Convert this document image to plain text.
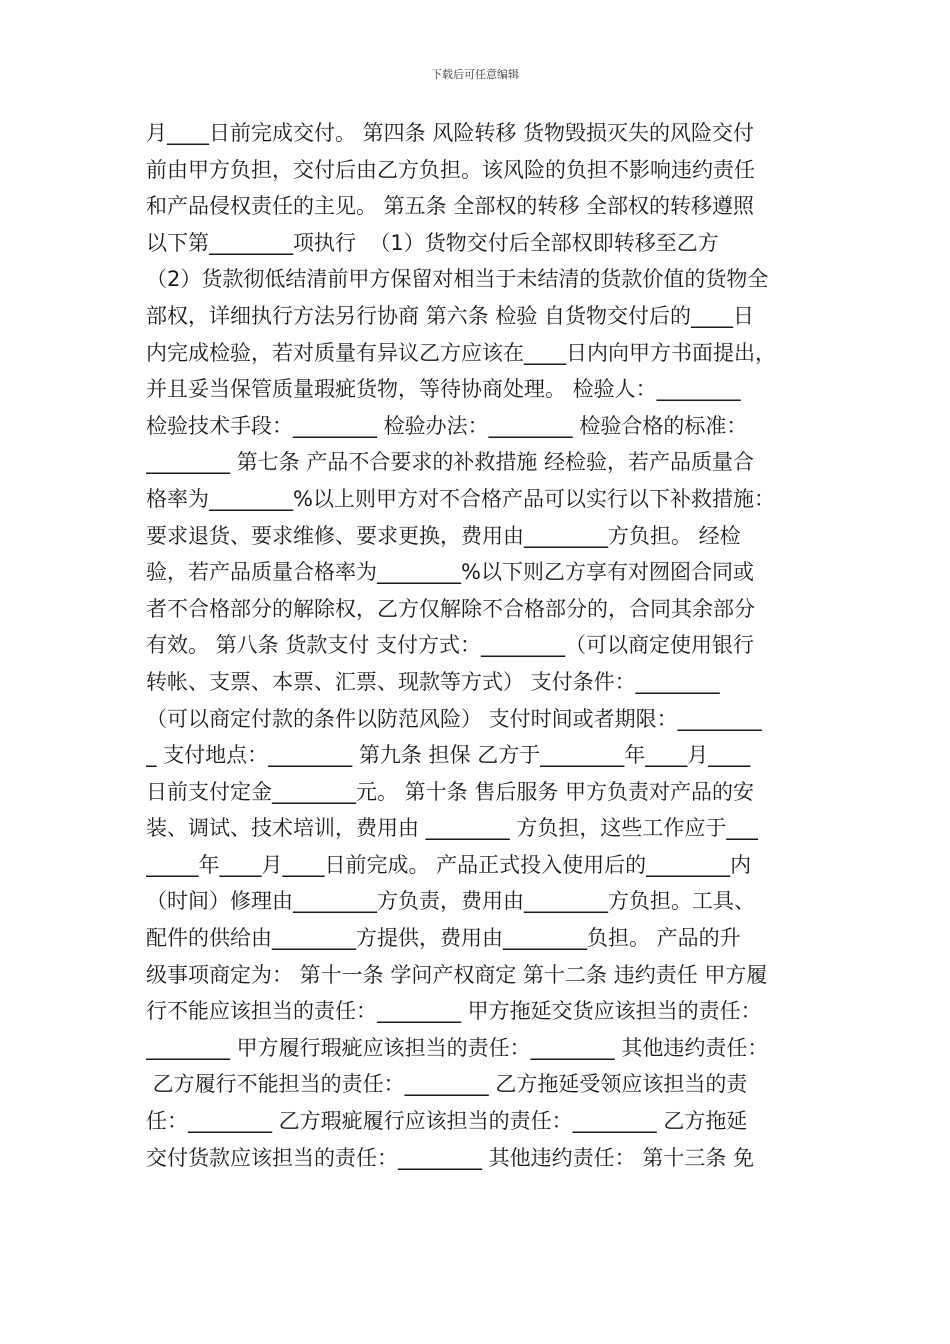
下载后可任意编辑
月____日前完成交付。 第四条 风险转移 货物毁损灭失的风险交付
前由甲方负担，交付后由乙方负担。该风险的负担不影响违约责任
和产品侵权责任的主见。 第五条 全部权的转移 全部权的转移遵照
以下第________项执行  （1）货物交付后全部权即转移至乙方
（2）货款彻低结清前甲方保留对相当于未结清的货款价值的货物全
部权，详细执行方法另行协商 第六条 检验 自货物交付后的____日
内完成检验，若对质量有异议乙方应该在____日内向甲方书面提出，
并且妥当保管质量瑕疵货物，等待协商处理。 检验人：________
检验技术手段：________ 检验办法：________ 检验合格的标准：
________ 第七条 产品不合要求的补救措施 经检验，若产品质量合
格率为________%以上则甲方对不合格产品可以实行以下补救措施：
要求退货、要求维修、要求更换，费用由________方负担。 经检
验，若产品质量合格率为________%以下则乙方享有对囫囵合同或
者不合格部分的解除权，乙方仅解除不合格部分的，合同其余部分
有效。 第八条 货款支付 支付方式：________（可以商定使用银行
转帐、支票、本票、汇票、现款等方式） 支付条件：________
（可以商定付款的条件以防范风险） 支付时间或者期限：________
_ 支付地点：________ 第九条 担保 乙方于________年____月____
日前支付定金________元。 第十条 售后服务 甲方负责对产品的安
装、调试、技术培训，费用由 ________ 方负担，这些工作应于___
_____年____月____日前完成。 产品正式投入使用后的________内
（时间）修理由________方负责，费用由________方负担。工具、
配件的供给由________方提供，费用由________负担。 产品的升
级事项商定为： 第十一条 学问产权商定 第十二条 违约责任 甲方履
行不能应该担当的责任：________ 甲方拖延交货应该担当的责任：
________ 甲方履行瑕疵应该担当的责任：________ 其他违约责任：
乙方履行不能担当的责任：________ 乙方拖延受领应该担当的责
任：________ 乙方瑕疵履行应该担当的责任：________ 乙方拖延
交付货款应该担当的责任：________ 其他违约责任： 第十三条 免
